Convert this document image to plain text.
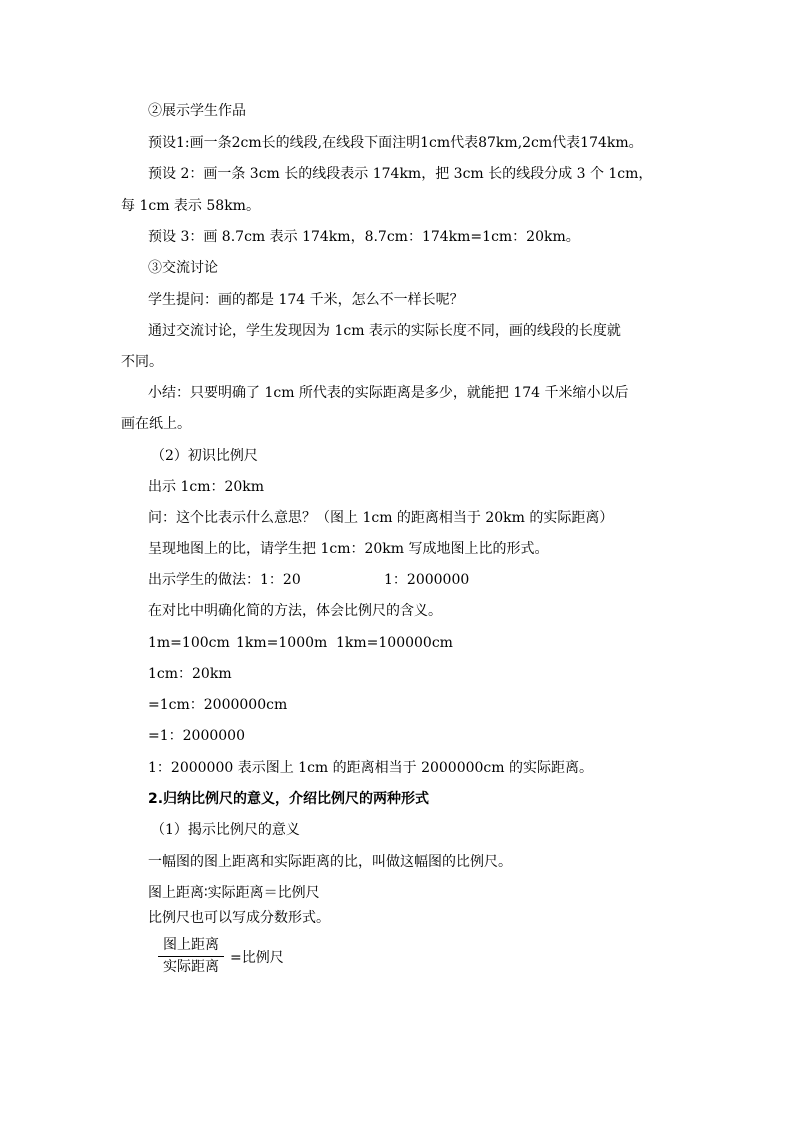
②展示学生作品
预设1:画一条2cm长的线段,在线段下面注明1cm代表87km,2cm代表174km。
预设 2：画一条 3cm 长的线段表示 174km，把 3cm 长的线段分成 3 个 1cm，
每 1cm 表示 58km。
预设 3：画 8.7cm 表示 174km，8.7cm：174km=1cm：20km。
③交流讨论
学生提问：画的都是 174 千米，怎么不一样长呢？
通过交流讨论，学生发现因为 1cm 表示的实际长度不同，画的线段的长度就
不同。
小结：只要明确了 1cm 所代表的实际距离是多少，就能把 174 千米缩小以后
画在纸上。
（2）初识比例尺
出示 1cm：20km
问：这个比表示什么意思？（图上 1cm 的距离相当于 20km 的实际距离）
呈现地图上的比，请学生把 1cm：20km 写成地图上比的形式。
出示学生的做法：1：20	1：2000000
在对比中明确化简的方法，体会比例尺的含义。
1m=100cm 1km=1000m 1km=100000cm
1cm：20km
=1cm：2000000cm
=1：2000000
1：2000000 表示图上 1cm 的距离相当于 2000000cm 的实际距离。
2.归纳比例尺的意义，介绍比例尺的两种形式
（1）揭示比例尺的意义
一幅图的图上距离和实际距离的比，叫做这幅图的比例尺。
图上距离∶实际距离＝比例尺
比例尺也可以写成分数形式。
$\frac{\text{图上距离}}{\text{实际距离}}$ =比例尺
